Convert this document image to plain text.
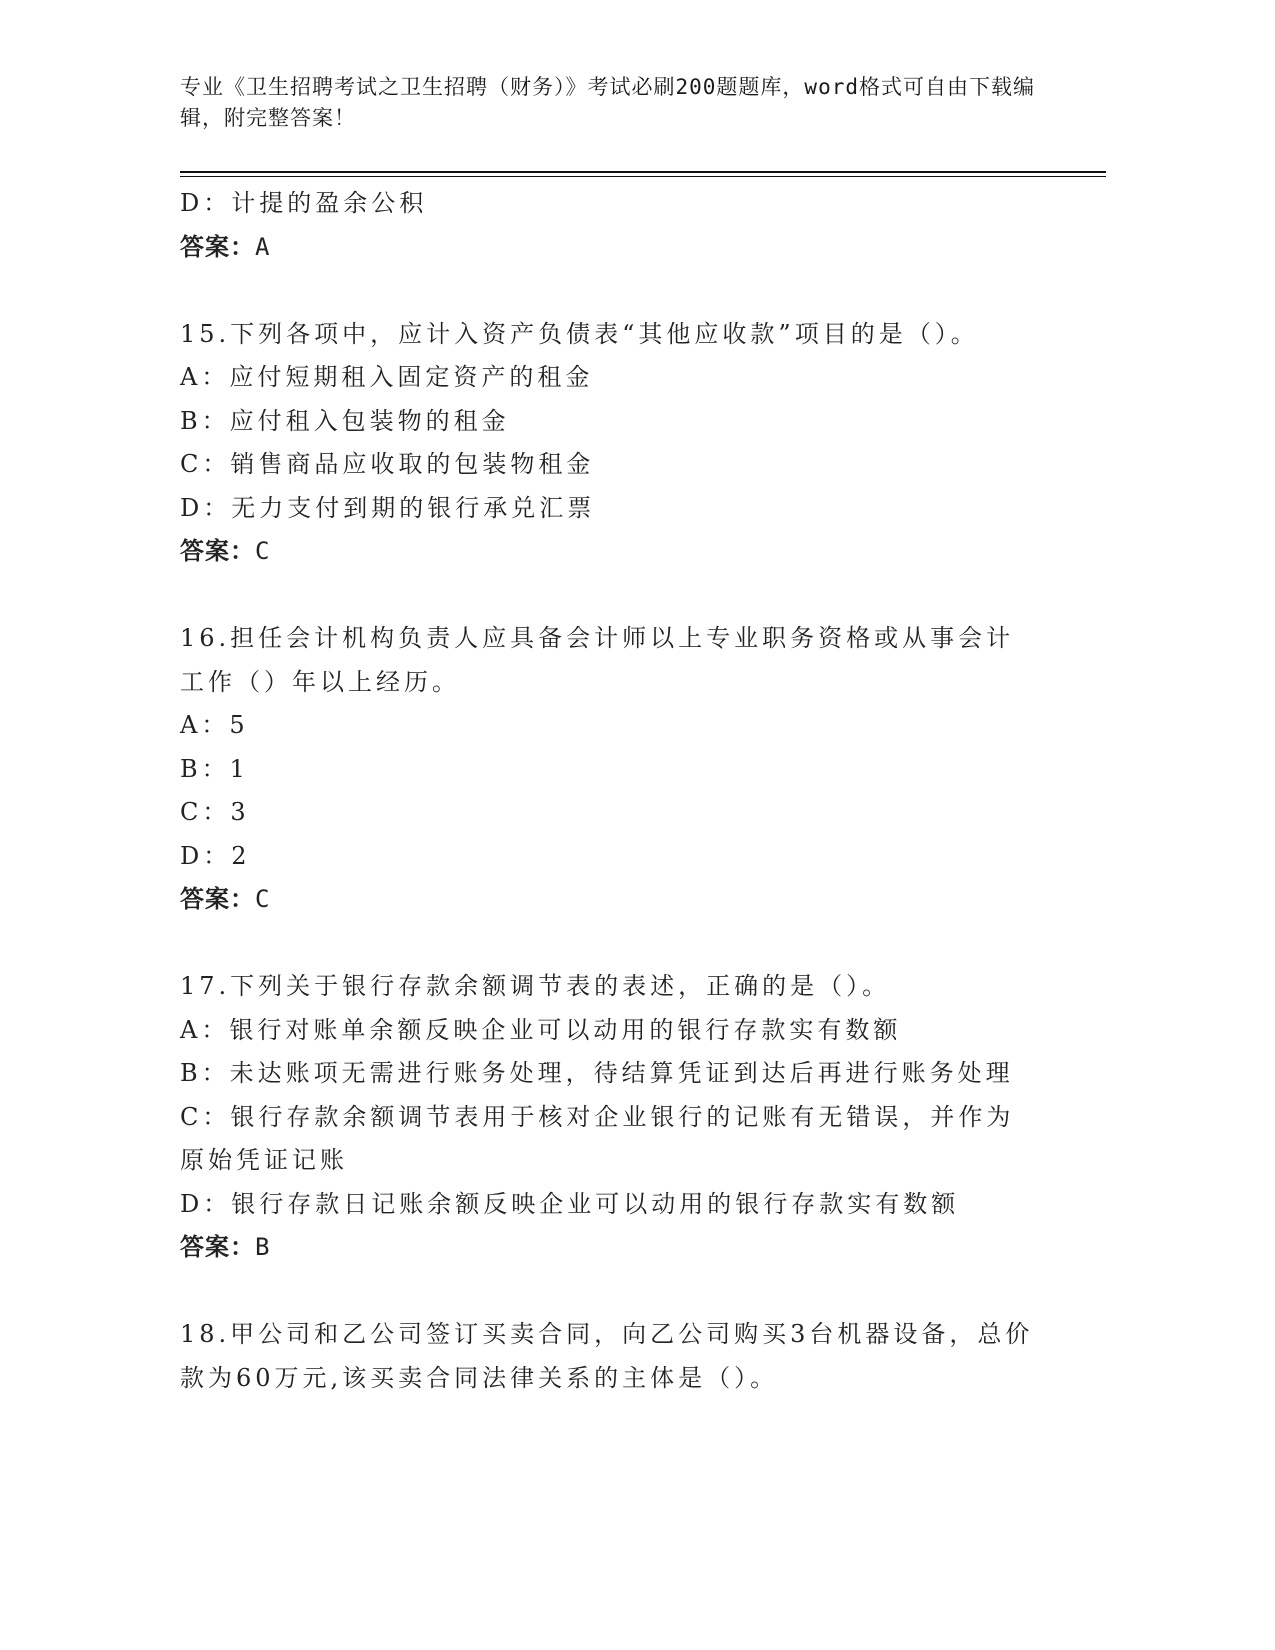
专业《卫生招聘考试之卫生招聘（财务）》考试必刷200题题库，word格式可自由下载编辑，附完整答案！
D：计提的盈余公积
答案：A
15.下列各项中，应计入资产负债表“其他应收款”项目的是（）。
A：应付短期租入固定资产的租金
B：应付租入包装物的租金
C：销售商品应收取的包装物租金
D：无力支付到期的银行承兑汇票
答案：C
16.担任会计机构负责人应具备会计师以上专业职务资格或从事会计工作（）年以上经历。
A：5
B：1
C：3
D：2
答案：C
17.下列关于银行存款余额调节表的表述，正确的是（）。
A：银行对账单余额反映企业可以动用的银行存款实有数额
B：未达账项无需进行账务处理，待结算凭证到达后再进行账务处理
C：银行存款余额调节表用于核对企业银行的记账有无错误，并作为原始凭证记账
D：银行存款日记账余额反映企业可以动用的银行存款实有数额
答案：B
18.甲公司和乙公司签订买卖合同，向乙公司购买3台机器设备，总价款为60万元,该买卖合同法律关系的主体是（）。
